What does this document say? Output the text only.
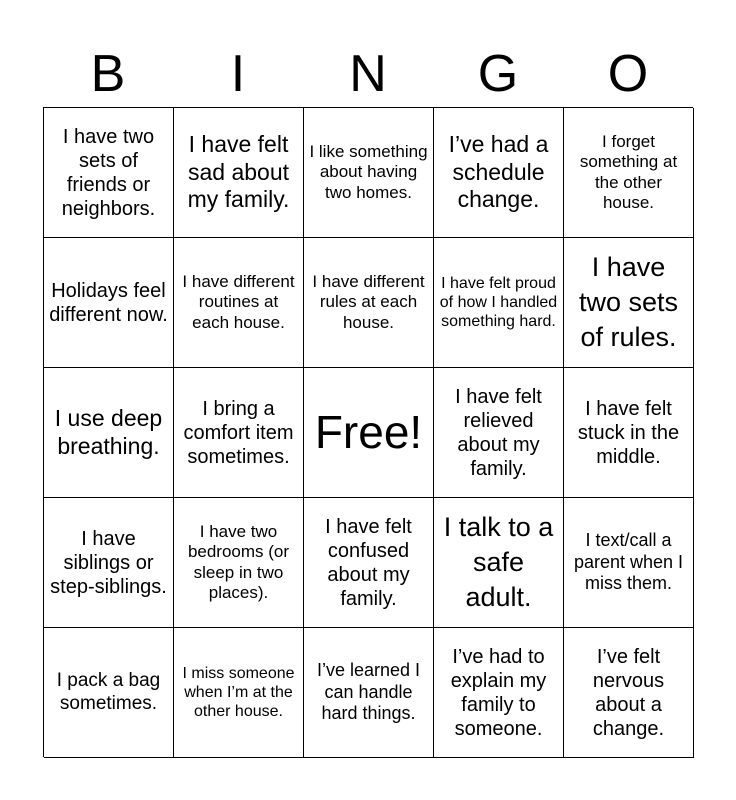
B	I	N	G	O
I have two sets of friends or neighbors.
I have felt sad about my family.
I like something about having two homes.
I’ve had a schedule change.
I forget something at the other house.
Holidays feel different now.
I have different routines at each house.
I have different rules at each house.
I have felt proud of how I handled something hard.
I have two sets of rules.
I use deep breathing.
I bring a comfort item sometimes. Free!
I have felt relieved about my family.
I have felt stuck in the middle.
I have siblings or step-siblings.
I have two bedrooms (or sleep in two places).
I have felt confused about my family.
I talk to a safe adult.
I text/call a parent when I miss them.
I pack a bag sometimes.
I miss someone when I’m at the other house.
I’ve learned I can handle hard things.
I’ve had to explain my family to someone.
I’ve felt nervous about a change.
